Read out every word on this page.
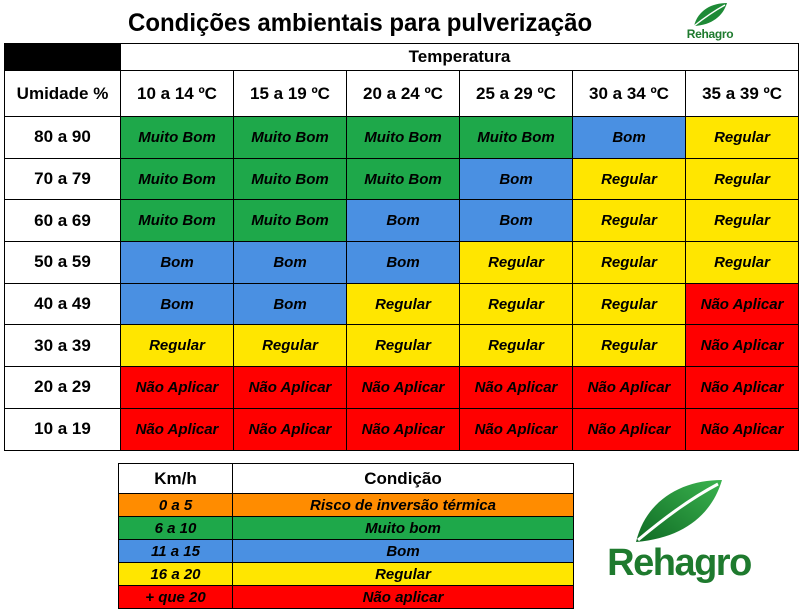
Condições ambientais para pulverização	Rehagro
	Temperatura					
Umidade %	10 a 14 ºC	15 a 19 ºC	20 a 24 ºC	25 a 29 ºC	30 a 34 ºC	35 a 39 ºC
80 a 90	Muito Bom	Muito Bom	Muito Bom	Muito Bom	Bom	Regular
70 a 79	Muito Bom	Muito Bom	Muito Bom	Bom	Regular	Regular
60 a 69	Muito Bom	Muito Bom	Bom	Bom	Regular	Regular
50 a 59	Bom	Bom	Bom	Regular	Regular	Regular
40 a 49	Bom	Bom	Regular	Regular	Regular	Não Aplicar
30 a 39	Regular	Regular	Regular	Regular	Regular	Não Aplicar
20 a 29	Não Aplicar	Não Aplicar	Não Aplicar	Não Aplicar	Não Aplicar	Não Aplicar
10 a 19	Não Aplicar	Não Aplicar	Não Aplicar	Não Aplicar	Não Aplicar	Não Aplicar
Km/h	Condição
0 a 5	Risco de inversão térmica
6 a 10	Muito bom
11 a 15	Bom
16 a 20	Regular
+ que 20	Não aplicar
Rehagro
